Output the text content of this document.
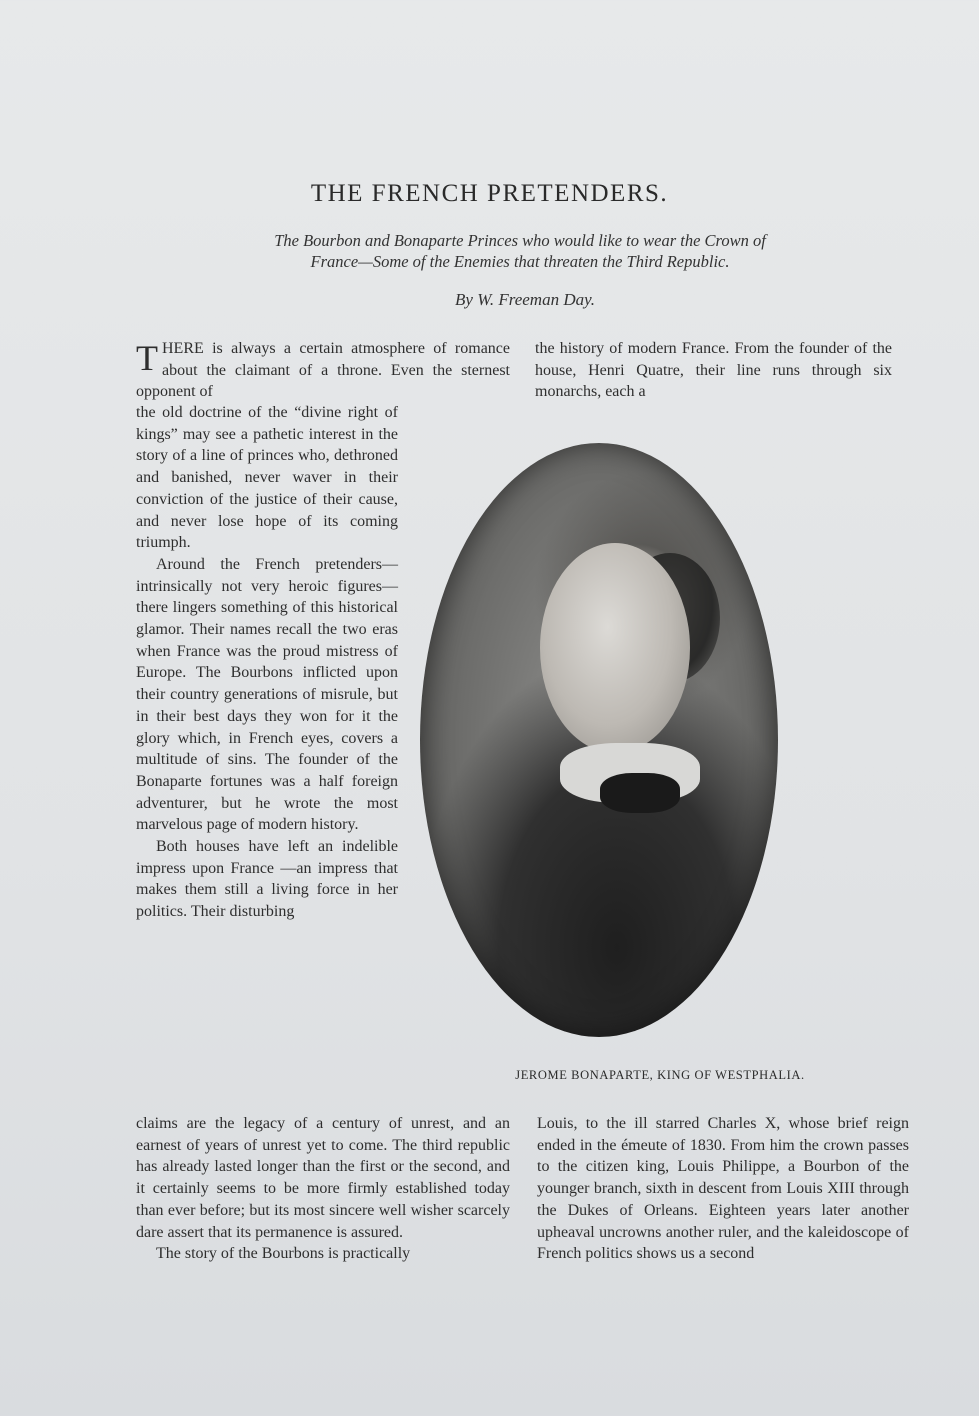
THE FRENCH PRETENDERS.
The Bourbon and Bonaparte Princes who would like to wear the Crown of
France—Some of the Enemies that threaten the Third Republic.
By W. Freeman Day.

THERE is always a certain atmosphere of romance about the claimant of a throne. Even the sternest opponent of

the history of modern France. From the founder of the house, Henri Quatre, their line runs through six monarchs, each a

the old doctrine of the “divine right of kings” may see a pathetic interest in the story of a line of princes who, dethroned and banished, never waver in their conviction of the justice of their cause, and never lose hope of its coming triumph.

Around the French pretenders—intrinsically not very heroic figures—there lingers something of this historical glamor. Their names recall the two eras when France was the proud mistress of Europe. The Bourbons inflicted upon their country generations of misrule, but in their best days they won for it the glory which, in French eyes, covers a multitude of sins. The founder of the Bonaparte fortunes was a half foreign adventurer, but he wrote the most marvelous page of modern history.

Both houses have left an indelible impress upon France —an impress that makes them still a living force in her politics. Their disturbing

JEROME BONAPARTE, KING OF WESTPHALIA.

claims are the legacy of a century of unrest, and an earnest of years of unrest yet to come. The third republic has already lasted longer than the first or the second, and it certainly seems to be more firmly established today than ever before; but its most sincere well wisher scarcely dare assert that its permanence is assured.

The story of the Bourbons is practically

Louis, to the ill starred Charles X, whose brief reign ended in the émeute of 1830. From him the crown passes to the citizen king, Louis Philippe, a Bourbon of the younger branch, sixth in descent from Louis XIII through the Dukes of Orleans. Eighteen years later another upheaval uncrowns another ruler, and the kaleidoscope of French politics shows us a second
